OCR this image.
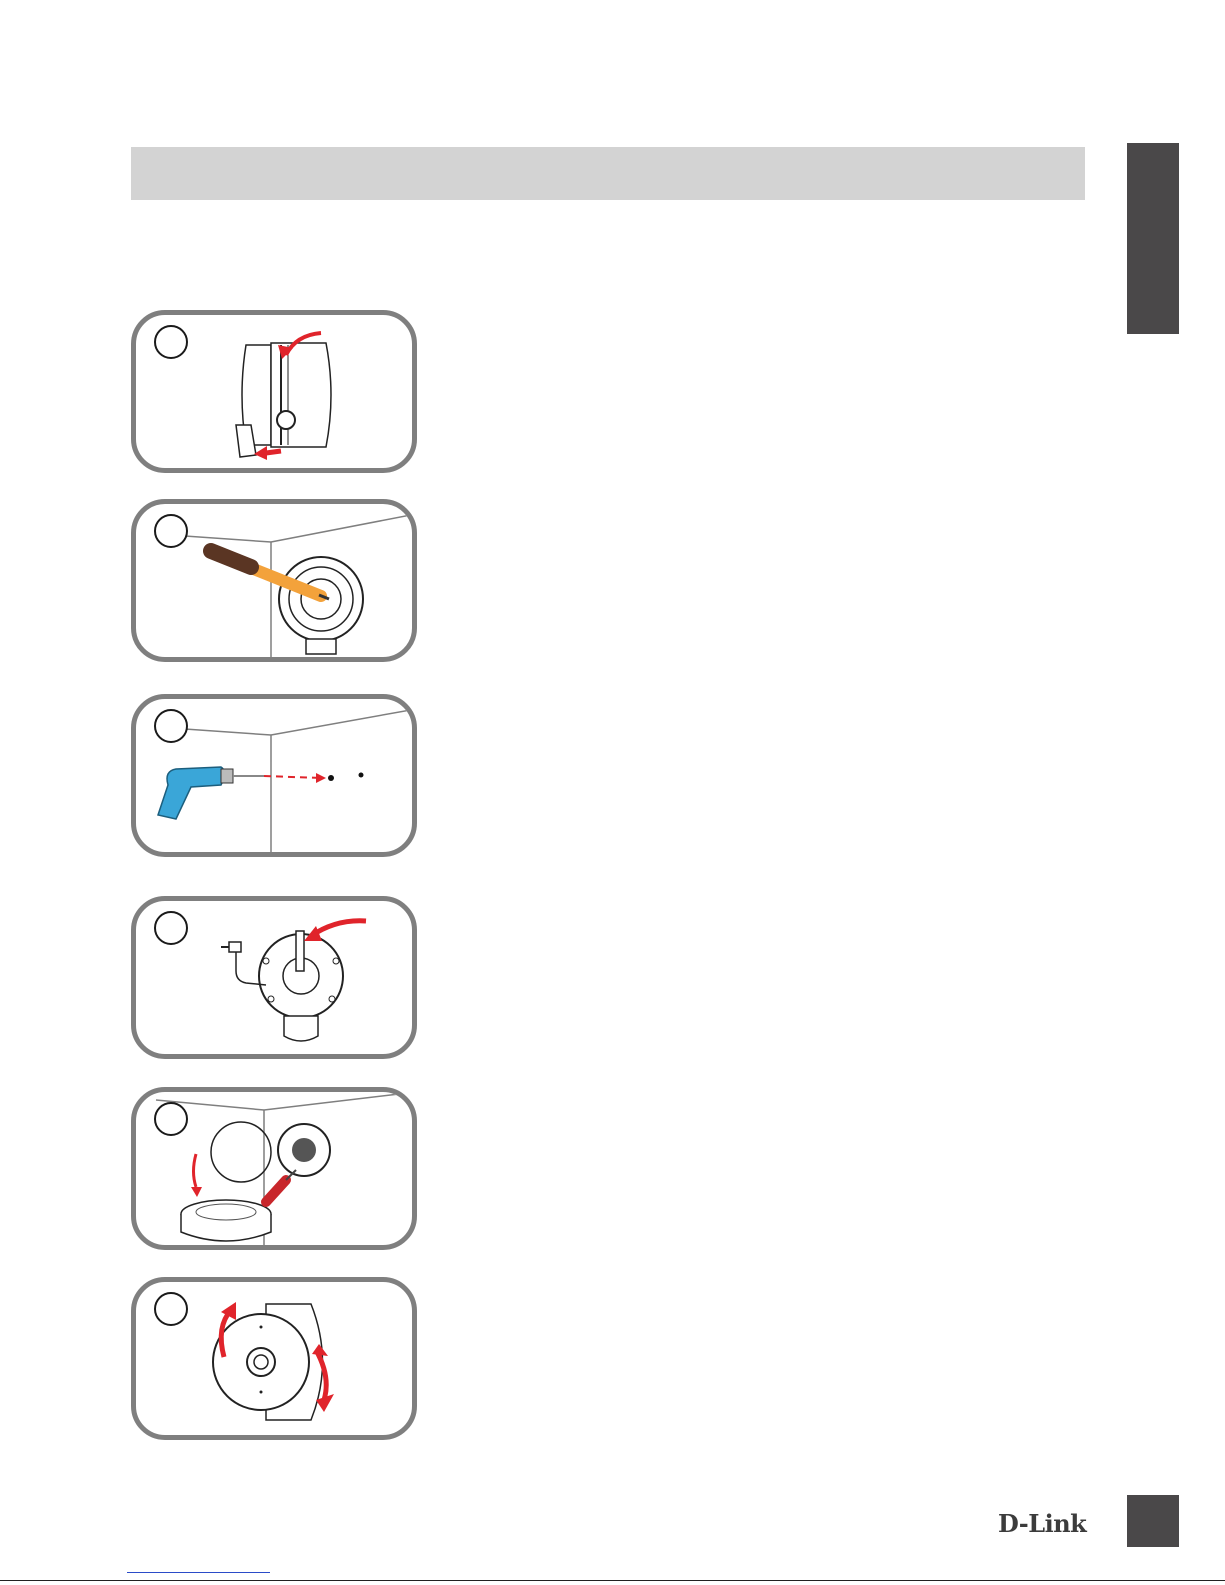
D-Link
